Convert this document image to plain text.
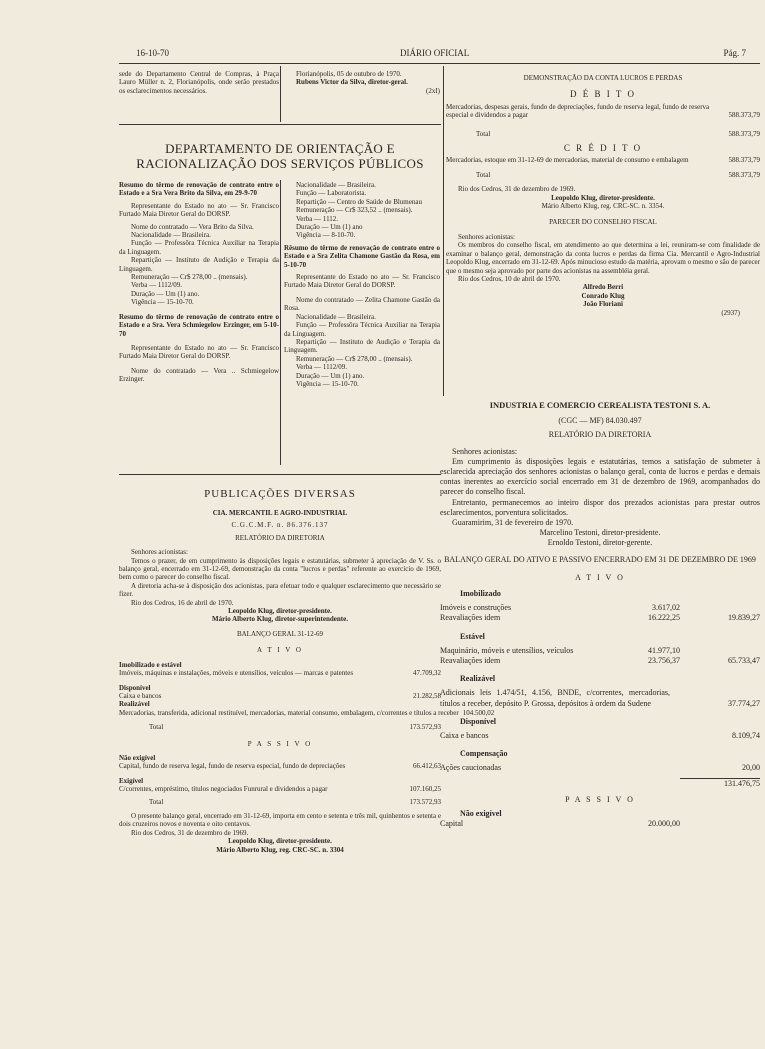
16-10-70	DIÁRIO OFICIAL	Pág. 7
sede do Departamento Central de Compras, à Praça Lauro Müller n. 2, Florianópolis, onde serão prestados os esclarecimentos necessários.

Florianópolis, 05 de outubro de 1970.

Rubens Victor da Silva, diretor-geral.

(2xI)

DEPARTAMENTO DE ORIENTAÇÃO E RACIONALIZAÇÃO DOS SERVIÇOS PÚBLICOS

Resumo do têrmo de renovação de contrato entre o Estado e a Sra Vera Brito da Silva, em 29-9-70

Representante do Estado no ato — Sr. Francisco Furtado Maia Diretor Geral do DORSP.

Nome do contratado — Vera Brito da Silva.

Nacionalidade — Brasileira.

Função — Professôra Técnica Auxiliar na Terapia da Linguagem.

Repartição — Instituto de Audição e Terapia da Linguagem.

Remuneração — Cr$ 278,00 .. (mensais).

Verba — 1112/09.

Duração — Um (1) ano.

Vigência — 15-10-70.

Resumo do têrmo de renovação de contrato entre o Estado e a Sra. Vera Schmiegelow Erzinger, em 5-10-70

Representante do Estado no ato — Sr. Francisco Furtado Maia Diretor Geral do DORSP.

Nome do contratado — Vera .. Schmiegelow Erzinger.

Nacionalidade — Brasileira.

Função — Laboratorista.

Repartição — Centro de Saúde de Blumenau

Remuneração — Cr$ 323,52 .. (mensais).

Verba — 1112.

Duração — Um (1) ano

Vigência — 8-10-70.

Rêsumo do têrmo de renovação de contrato entre o Estado e a Sra Zelita Chamone Gastão da Rosa, em 5-10-70

Representante do Estado no ato — Sr. Francisco Furtado Maia Diretor Geral do DORSP.

Nome do contratado — Zelita Chamone Gastão da Rosa.

Nacionalidade — Brasileira.

Função — Professôra Técnica Auxiliar na Terapia da Linguagem.

Repartição — Instituto de Audição e Terapia da Linguagem.

Remuneração — Cr$ 278,00 .. (mensais).

Verba — 1112/09.

Duração — Um (1) ano.

Vigência — 15-10-70.

PUBLICAÇÕES DIVERSAS

CIA. MERCANTIL E AGRO-INDUSTRIAL

C.G.C.M.F. n. 86.376.137

RELATÓRIO DA DIRETORIA

Senhores acionistas:

Temos o prazer, de em cumprimento às disposições legais e estatutárias, submeter à apreciação de V. Ss. o balanço geral, encerrado em 31-12-69, demonstração da conta "lucros e perdas" referente ao exercício de 1969, bem como o parecer do conselho fiscal.

A diretoria acha-se à disposição dos acionistas, para efetuar todo e qualquer esclarecimento que necessário se fizer.

Rio dos Cedros, 16 de abril de 1970.

Leopoldo Klug, diretor-presidente.

Mário Alberto Klug, diretor-superintendente.

BALANÇO GERAL 31-12-69

A T I V O

Imobilizado e estável

Imóveis, máquinas e instalações, móveis e utensílios, veículos — marcas e patentes	47.709,32

Disponível

Caixa e bancos	21.282,58

Realizável

Mercadorias, transferida, adicional restituível, mercadorias, material consumo, embalagem, c/correntes e títulos a receber 104.500,02
Total	173.572,93

P A S S I V O

Não exigível

Capital, fundo de reserva legal, fundo de reserva especial, fundo de depreciações	66.412,63

Exigível

C/correntes, empréstimo, títulos negociados Funrural e dividendos a pagar	107.160,25
Total	173.572,93

O presente balanço geral, encerrado em 31-12-69, importa em cento e setenta e três mil, quinhentos e setenta e dois cruzeiros novos e noventa e oito centavos.

Rio dos Cedros, 31 de dezembro de 1969.

Leopoldo Klug, diretor-presidente.

Mário Alberto Klug, reg. CRC-SC. n. 3304

DEMONSTRAÇÃO DA CONTA LUCROS E PERDAS

D É B I T O

Mercadorias, despesas gerais, fundo de depreciações, fundo de reserva legal, fundo de reserva especial e dividendos a pagar	588.373,79
Total	588.373,79

C R É D I T O

Mercadorias, estoque em 31-12-69 de mercadorias, material de consumo e embalagem	588.373,79
Total	588.373,79

Rio dos Cedros, 31 de dezembro de 1969.

Leopoldo Klug, diretor-presidente.

Mário Alberto Klug, reg. CRC-SC. n. 3354.

PARECER DO CONSELHO FISCAL

Senhores acionistas:

Os membros do conselho fiscal, em atendimento ao que determina a lei, reuniram-se com finalidade de examinar o balanço geral, demonstração da conta lucros e perdas da firma Cia. Mercantil e Agro-Industrial Leopoldo Klug, encerrado em 31-12-69. Após minucioso estudo da matéria, aprovam o mesmo e são de parecer que o mesmo seja aprovado por parte dos acionistas na assembléia geral.

Rio dos Cedros, 10 de abril de 1970.

Alfredo Berri

Conrado Klug

João Floriani

(2937)

INDUSTRIA E COMERCIO CEREALISTA TESTONI S. A.

(CGC — MF) 84.030.497

RELATÓRIO DA DIRETORIA

Senhores acionistas:

Em cumprimento às disposições legais e estatutárias, temos a satisfação de submeter à esclarecida apreciação dos senhores acionistas o balanço geral, conta de lucros e perdas e demais contas inerentes ao exercício social encerrado em 31 de dezembro de 1969, acompanhados do parecer do conselho fiscal.

Entretanto, permanecemos ao inteiro dispor dos prezados acionistas para prestar outros esclarecimentos, porventura solicitados.

Guaramirim, 31 de fevereiro de 1970.

Marcelino Testoni, diretor-presidente.

Ernoldo Testoni, diretor-gerente.

BALANÇO GERAL DO ATIVO E PASSIVO ENCERRADO EM 31 DE DEZEMBRO DE 1969

A T I V O

Imobilizado

Imóveis e construções	3.617,02
Reavaliações idem	16.222,25	19.839,27

Estável

Maquinário, móveis e utensílios, veículos	41.977,10
Reavaliações idem	23.756,37	65.733,47

Realizável

Adicionais leis 1.474/51, 4.156, BNDE, c/correntes, mercadorias, títulos a receber, depósito P. Grossa, depósitos à ordem da Sudene	37.774,27

Disponível

Caixa e bancos	8.109,74

Compensação

Ações caucionadas	20,00

131.476,75

P A S S I V O

Não exigível

Capital	20.000,00
